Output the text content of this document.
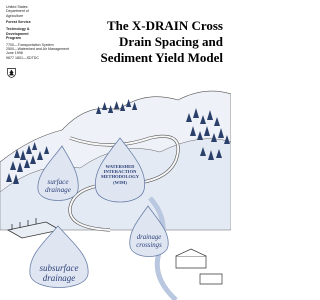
United States
Department of
Agriculture
Forest Service
Technology &
Development
Program
7700—Transportation System
2500—Watershed and Air Management
June 1998
9877 1801—SDTDC
The X-DRAIN Cross
Drain Spacing and
Sediment Yield Model
WATERSHED
INTERACTION
METHODOLOGY
(WIM)
surface
drainage
drainage
crossings
subsurface
drainage
